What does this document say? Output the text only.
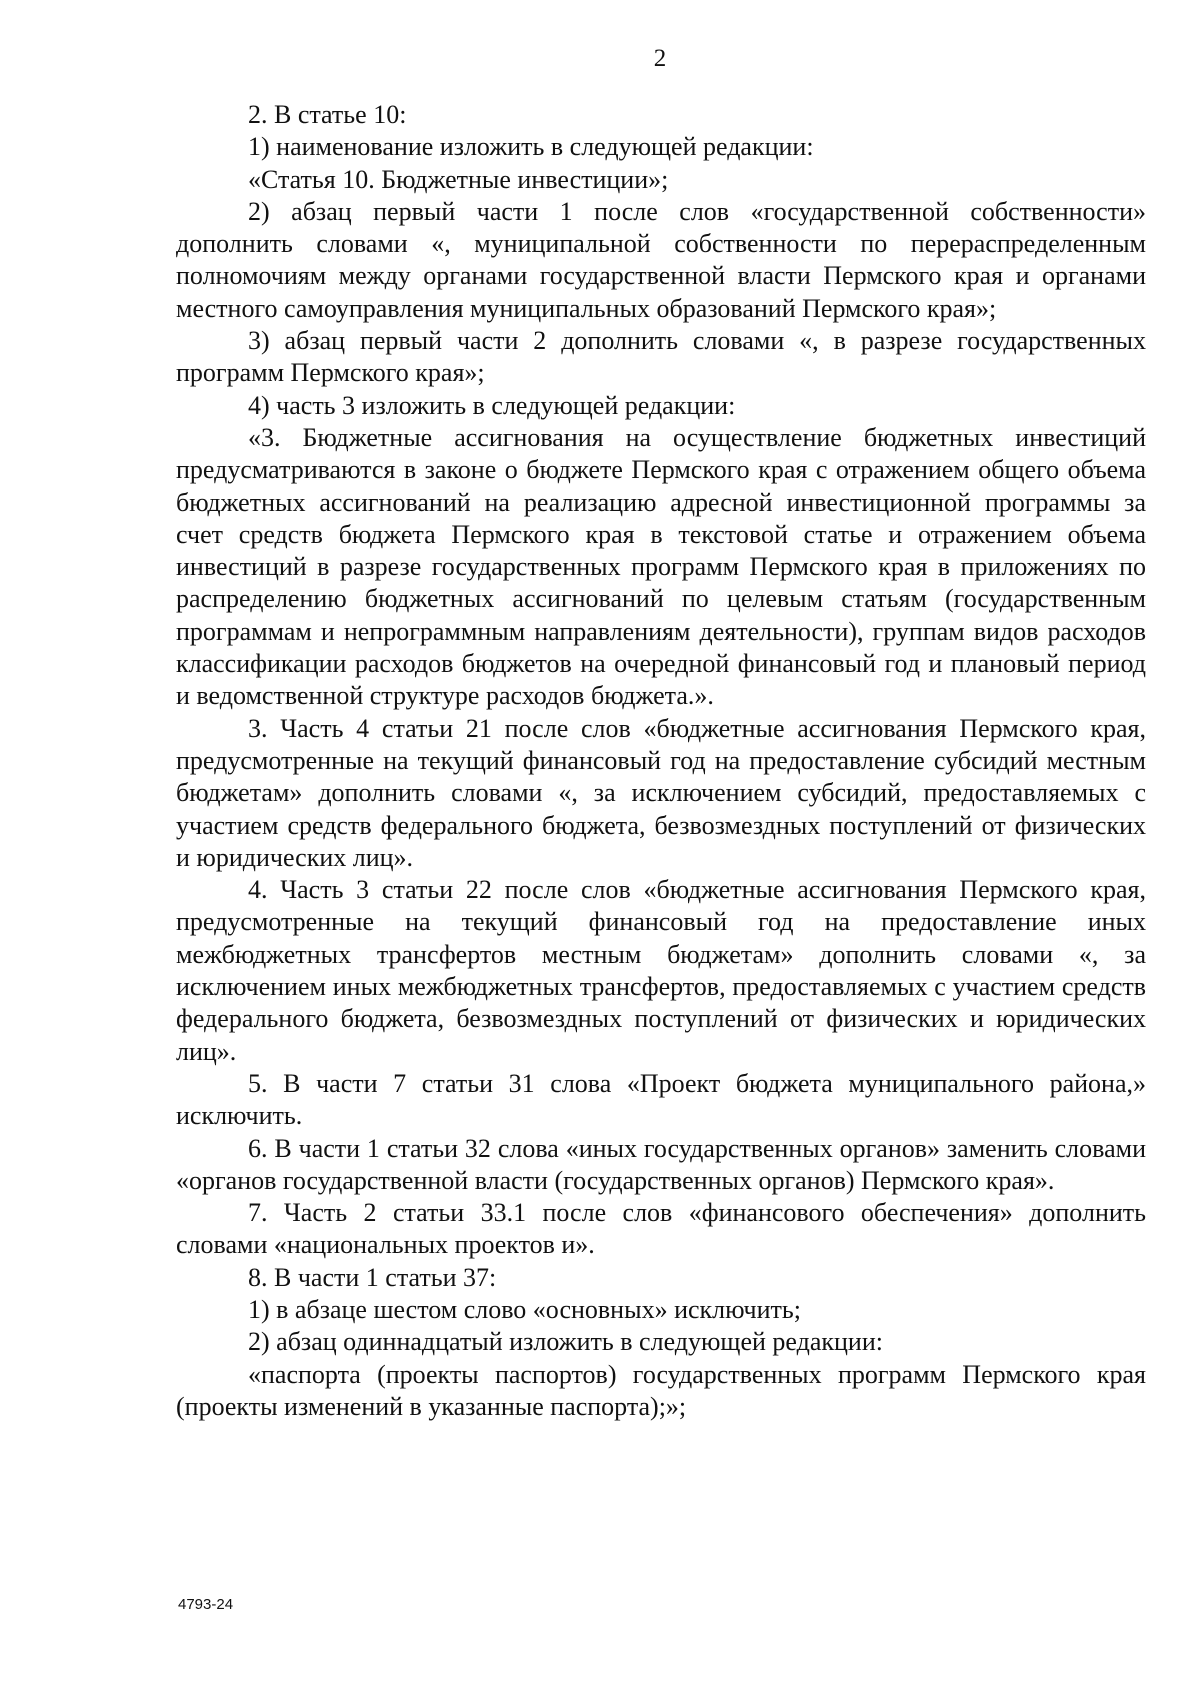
2

2. В статье 10:

1) наименование изложить в следующей редакции:

«Статья 10. Бюджетные инвестиции»;

2) абзац первый части 1 после слов «государственной собственности» дополнить словами «, муниципальной собственности по перераспределенным полномочиям между органами государственной власти Пермского края и органами местного самоуправления муниципальных образований Пермского края»;

3) абзац первый части 2 дополнить словами «, в разрезе государственных программ Пермского края»;

4) часть 3 изложить в следующей редакции:

«3. Бюджетные ассигнования на осуществление бюджетных инвестиций предусматриваются в законе о бюджете Пермского края с отражением общего объема бюджетных ассигнований на реализацию адресной инвестиционной программы за счет средств бюджета Пермского края в текстовой статье и отражением объема инвестиций в разрезе государственных программ Пермского края в приложениях по распределению бюджетных ассигнований по целевым статьям (государственным программам и непрограммным направлениям деятельности), группам видов расходов классификации расходов бюджетов на очередной финансовый год и плановый период и ведомственной структуре расходов бюджета.».

3. Часть 4 статьи 21 после слов «бюджетные ассигнования Пермского края, предусмотренные на текущий финансовый год на предоставление субсидий местным бюджетам» дополнить словами «, за исключением субсидий, предоставляемых с участием средств федерального бюджета, безвозмездных поступлений от физических и юридических лиц».

4. Часть 3 статьи 22 после слов «бюджетные ассигнования Пермского края, предусмотренные на текущий финансовый год на предоставление иных межбюджетных трансфертов местным бюджетам» дополнить словами «, за исключением иных межбюджетных трансфертов, предоставляемых с участием средств федерального бюджета, безвозмездных поступлений от физических и юридических лиц».

5. В части 7 статьи 31 слова «Проект бюджета муниципального района,» исключить.

6. В части 1 статьи 32 слова «иных государственных органов» заменить словами «органов государственной власти (государственных органов) Пермского края».

7. Часть 2 статьи 33.1 после слов «финансового обеспечения» дополнить словами «национальных проектов и».

8. В части 1 статьи 37:

1) в абзаце шестом слово «основных» исключить;

2) абзац одиннадцатый изложить в следующей редакции:

«паспорта (проекты паспортов) государственных программ Пермского края (проекты изменений в указанные паспорта);»;

4793-24
